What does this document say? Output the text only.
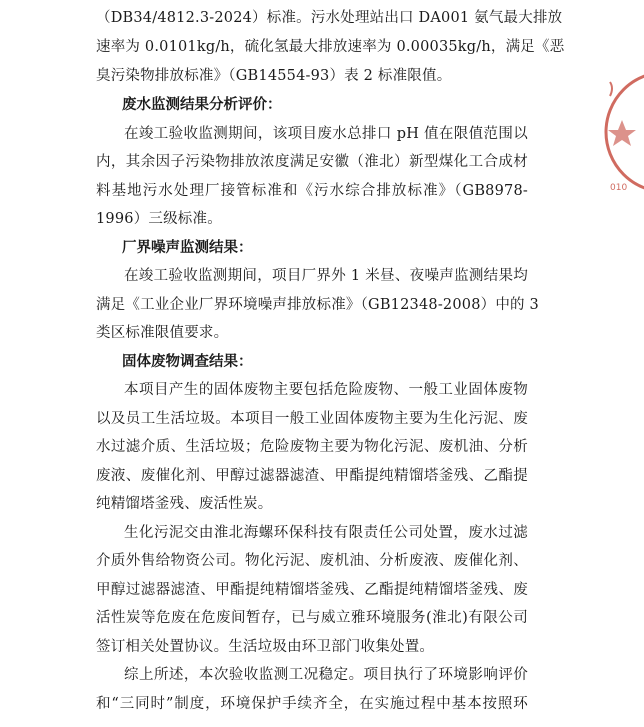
（DB34/4812.3-2024）标准。污水处理站出口 DA001 氨气最大排放
速率为 0.0101kg/h，硫化氢最大排放速率为 0.00035kg/h，满足《恶
臭污染物排放标准》（GB14554-93）表 2 标准限值。
废水监测结果分析评价：
在竣工验收监测期间，该项目废水总排口 pH 值在限值范围以
内，其余因子污染物排放浓度满足安徽（淮北）新型煤化工合成材
料基地污水处理厂接管标准和《污水综合排放标准》（GB8978-
1996）三级标准。
厂界噪声监测结果：
在竣工验收监测期间，项目厂界外 1 米昼、夜噪声监测结果均
满足《工业企业厂界环境噪声排放标准》（GB12348-2008）中的 3
类区标准限值要求。
固体废物调查结果：
本项目产生的固体废物主要包括危险废物、一般工业固体废物
以及员工生活垃圾。本项目一般工业固体废物主要为生化污泥、废
水过滤介质、生活垃圾；危险废物主要为物化污泥、废机油、分析
废液、废催化剂、甲醇过滤器滤渣、甲酯提纯精馏塔釜残、乙酯提
纯精馏塔釜残、废活性炭。
生化污泥交由淮北海螺环保科技有限责任公司处置，废水过滤
介质外售给物资公司。物化污泥、废机油、分析废液、废催化剂、
甲醇过滤器滤渣、甲酯提纯精馏塔釜残、乙酯提纯精馏塔釜残、废
活性炭等危废在危废间暂存，已与威立雅环境服务(淮北)有限公司
签订相关处置协议。生活垃圾由环卫部门收集处置。
综上所述，本次验收监测工况稳定。项目执行了环境影响评价
和“三同时”制度，环境保护手续齐全，在实施过程中基本按照环
010
